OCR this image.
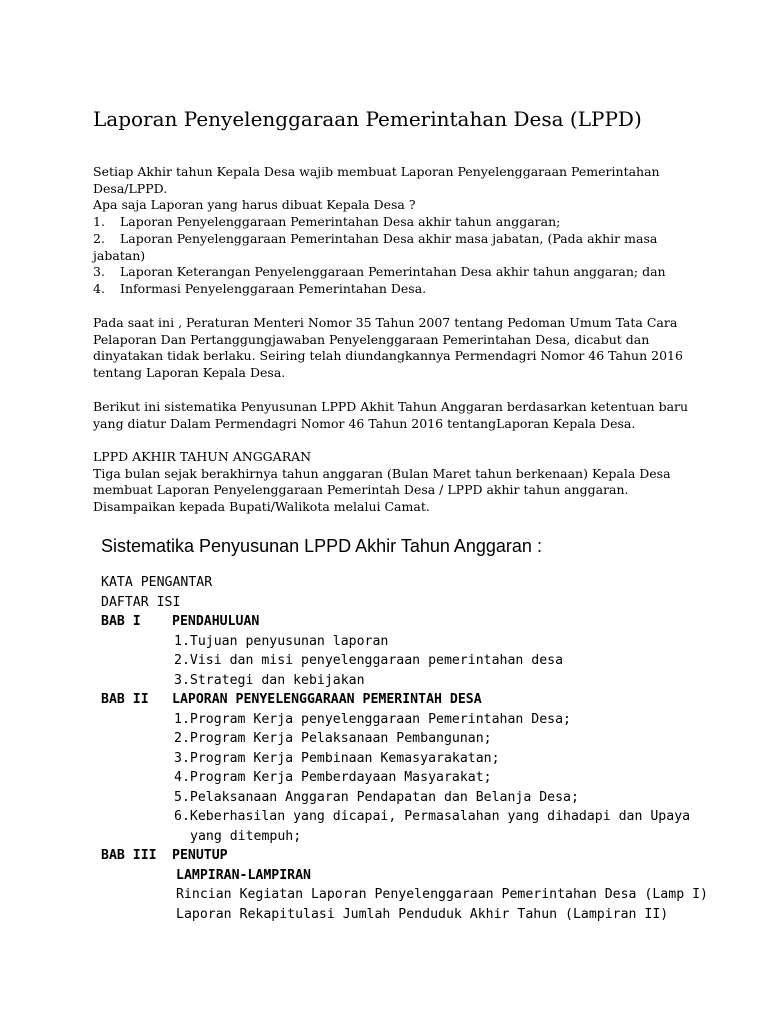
Laporan Penyelenggaraan Pemerintahan Desa (LPPD)
Setiap Akhir tahun Kepala Desa wajib membuat Laporan Penyelenggaraan Pemerintahan
Desa/LPPD.
Apa saja Laporan yang harus dibuat Kepala Desa ?
1. Laporan Penyelenggaraan Pemerintahan Desa akhir tahun anggaran;
2. Laporan Penyelenggaraan Pemerintahan Desa akhir masa jabatan, (Pada akhir masa
jabatan)
3. Laporan Keterangan Penyelenggaraan Pemerintahan Desa akhir tahun anggaran; dan
4. Informasi Penyelenggaraan Pemerintahan Desa.
Pada saat ini , Peraturan Menteri Nomor 35 Tahun 2007 tentang Pedoman Umum Tata Cara
Pelaporan Dan Pertanggungjawaban Penyelenggaraan Pemerintahan Desa, dicabut dan
dinyatakan tidak berlaku. Seiring telah diundangkannya Permendagri Nomor 46 Tahun 2016
tentang Laporan Kepala Desa.
Berikut ini sistematika Penyusunan LPPD Akhit Tahun Anggaran berdasarkan ketentuan baru
yang diatur Dalam Permendagri Nomor 46 Tahun 2016 tentangLaporan Kepala Desa.
LPPD AKHIR TAHUN ANGGARAN
Tiga bulan sejak berakhirnya tahun anggaran (Bulan Maret tahun berkenaan) Kepala Desa
membuat Laporan Penyelenggaraan Pemerintah Desa / LPPD akhir tahun anggaran.
Disampaikan kepada Bupati/Walikota melalui Camat.
Sistematika Penyusunan LPPD Akhir Tahun Anggaran :
KATA PENGANTAR
DAFTAR ISI
BAB I PENDAHULUAN
1.Tujuan penyusunan laporan
2.Visi dan misi penyelenggaraan pemerintahan desa
3.Strategi dan kebijakan
BAB II LAPORAN PENYELENGGARAAN PEMERINTAH DESA
1.Program Kerja penyelenggaraan Pemerintahan Desa;
2.Program Kerja Pelaksanaan Pembangunan;
3.Program Kerja Pembinaan Kemasyarakatan;
4.Program Kerja Pemberdayaan Masyarakat;
5.Pelaksanaan Anggaran Pendapatan dan Belanja Desa;
6.Keberhasilan yang dicapai, Permasalahan yang dihadapi dan Upaya
yang ditempuh;
BAB III PENUTUP
LAMPIRAN-LAMPIRAN
Rincian Kegiatan Laporan Penyelenggaraan Pemerintahan Desa (Lamp I)
Laporan Rekapitulasi Jumlah Penduduk Akhir Tahun (Lampiran II)
